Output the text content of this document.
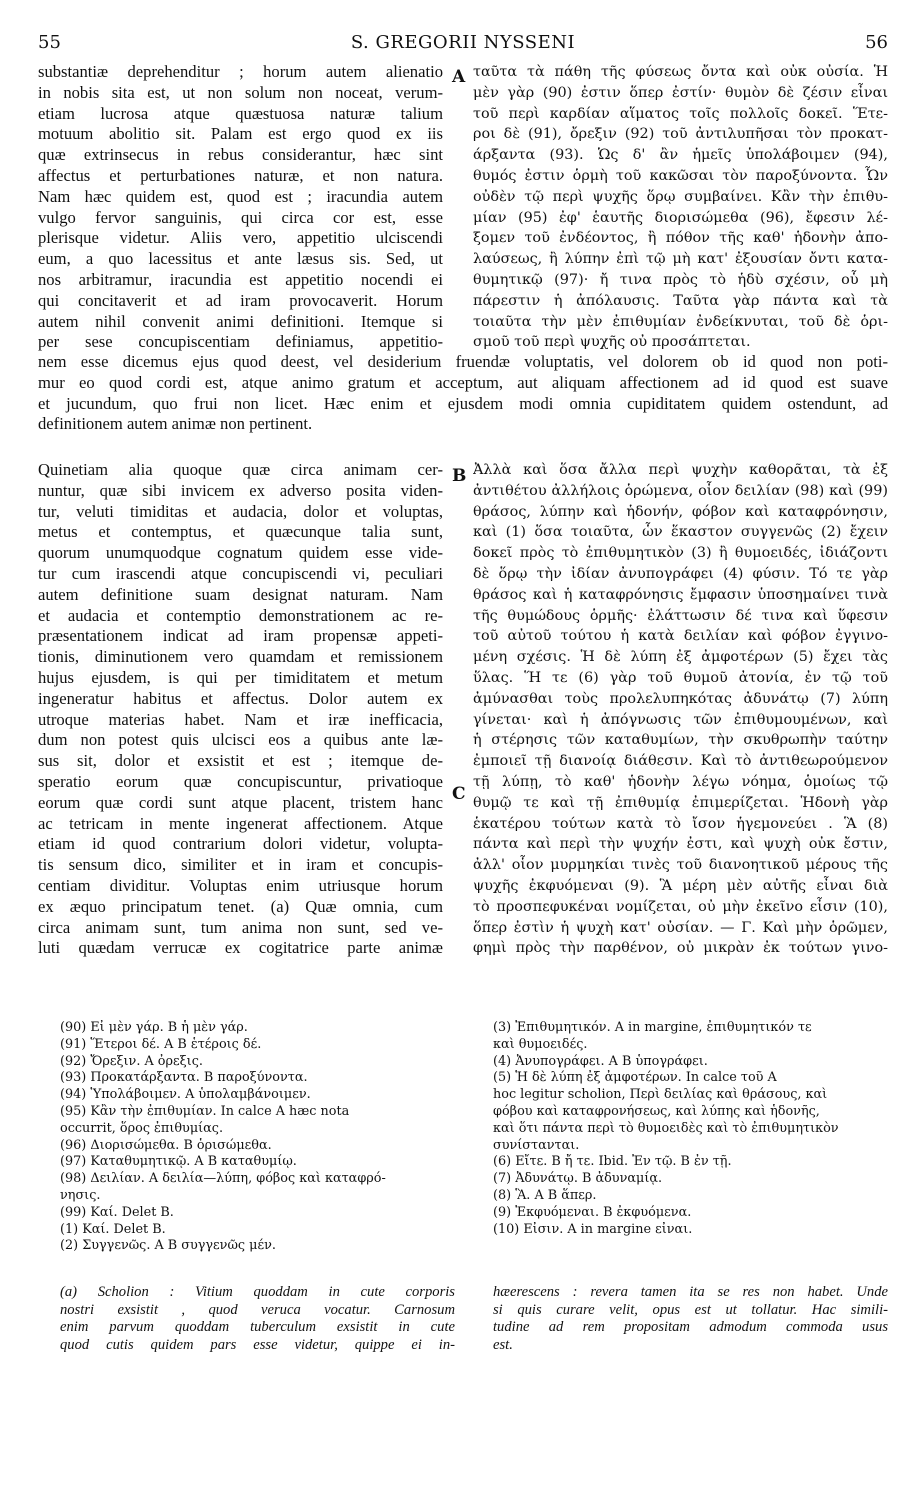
55	S. GREGORII NYSSENI	56
substantiæ deprehenditur ; horum autem alienatio
in nobis sita est, ut non solum non noceat, verum-
etiam lucrosa atque quæstuosa naturæ talium
motuum abolitio sit. Palam est ergo quod ex iis
quæ extrinsecus in rebus considerantur, hæc sint
affectus et perturbationes naturæ, et non natura.
Nam hæc quidem est, quod est ; iracundia autem
vulgo fervor sanguinis, qui circa cor est, esse
plerisque videtur. Aliis vero, appetitio ulciscendi
eum, a quo lacessitus et ante læsus sis. Sed, ut
nos arbitramur, iracundia est appetitio nocendi ei
qui concitaverit et ad iram provocaverit. Horum
autem nihil convenit animi definitioni. Itemque si
per sese concupiscentiam definiamus, appetitio-
A ταῦτα τὰ πάθη τῆς φύσεως ὄντα καὶ οὐκ οὐσία. Ἡ
μὲν γὰρ (90) ἐστιν ὅπερ ἐστίν· θυμὸν δὲ ζέσιν εἶναι
τοῦ περὶ καρδίαν αἵματος τοῖς πολλοῖς δοκεῖ. Ἕτε-
ροι δὲ (91), ὄρεξιν (92) τοῦ ἀντιλυπῆσαι τὸν προκατ-
άρξαντα (93). Ὡς δ' ἂν ἡμεῖς ὑπολάβοιμεν (94),
θυμός ἐστιν ὁρμὴ τοῦ κακῶσαι τὸν παροξύνοντα. Ὧν
οὐδὲν τῷ περὶ ψυχῆς ὅρῳ συμβαίνει. Κἂν τὴν ἐπιθυ-
μίαν (95) ἐφ' ἑαυτῆς διορισώμεθα (96), ἔφεσιν λέ-
ξομεν τοῦ ἐνδέοντος, ἢ πόθον τῆς καθ' ἡδονὴν ἀπο-
λαύσεως, ἢ λύπην ἐπὶ τῷ μὴ κατ' ἐξουσίαν ὄντι κατα-
θυμητικῷ (97)· ἤ τινα πρὸς τὸ ἡδὺ σχέσιν, οὗ μὴ
πάρεστιν ἡ ἀπόλαυσις. Ταῦτα γὰρ πάντα καὶ τὰ
τοιαῦτα τὴν μὲν ἐπιθυμίαν ἐνδείκνυται, τοῦ δὲ ὁρι-
σμοῦ τοῦ περὶ ψυχῆς οὐ προσάπτεται.
nem esse dicemus ejus quod deest, vel desiderium fruendæ voluptatis, vel dolorem ob id quod non poti-
mur eo quod cordi est, atque animo gratum et acceptum, aut aliquam affectionem ad id quod est suave
et jucundum, quo frui non licet. Hæc enim et ejusdem modi omnia cupiditatem quidem ostendunt, ad
definitionem autem animæ non pertinent.
Quinetiam alia quoque quæ circa animam cer-
nuntur, quæ sibi invicem ex adverso posita viden-
tur, veluti timiditas et audacia, dolor et voluptas,
metus et contemptus, et quæcunque talia sunt,
quorum unumquodque cognatum quidem esse vide-
tur cum irascendi atque concupiscendi vi, peculiari
autem definitione suam designat naturam. Nam
et audacia et contemptio demonstrationem ac re-
præsentationem indicat ad iram propensæ appeti-
tionis, diminutionem vero quamdam et remissionem
hujus ejusdem, is qui per timiditatem et metum
ingeneratur habitus et affectus. Dolor autem ex
utroque materias habet. Nam et iræ inefficacia,
dum non potest quis ulcisci eos a quibus ante læ-
sus sit, dolor et exsistit et est ; itemque de-
speratio eorum quæ concupiscuntur, privatioque
eorum quæ cordi sunt atque placent, tristem hanc
ac tetricam in mente ingenerat affectionem. Atque
etiam id quod contrarium dolori videtur, volupta-
tis sensum dico, similiter et in iram et concupis-
centiam dividitur. Voluptas enim utriusque horum
ex æquo principatum tenet. (a) Quæ omnia, cum
circa animam sunt, tum anima non sunt, sed ve-
luti quædam verrucæ ex cogitatrice parte animæ
B
C
Ἀλλὰ καὶ ὅσα ἄλλα περὶ ψυχὴν καθορᾶται, τὰ ἐξ
ἀντιθέτου ἀλλήλοις ὁρώμενα, οἷον δειλίαν (98) καὶ (99)
θράσος, λύπην καὶ ἡδονήν, φόβον καὶ καταφρόνησιν,
καὶ (1) ὅσα τοιαῦτα, ὧν ἕκαστον συγγενῶς (2) ἔχειν
δοκεῖ πρὸς τὸ ἐπιθυμητικὸν (3) ἢ θυμοειδές, ἰδιάζοντι
δὲ ὅρῳ τὴν ἰδίαν ἀνυπογράφει (4) φύσιν. Τό τε γὰρ
θράσος καὶ ἡ καταφρόνησις ἔμφασιν ὑποσημαίνει τινὰ
τῆς θυμώδους ὁρμῆς· ἐλάττωσιν δέ τινα καὶ ὕφεσιν
τοῦ αὐτοῦ τούτου ἡ κατὰ δειλίαν καὶ φόβον ἐγγινο-
μένη σχέσις. Ἡ δὲ λύπη ἐξ ἀμφοτέρων (5) ἔχει τὰς
ὕλας. Ἥ τε (6) γὰρ τοῦ θυμοῦ ἀτονία, ἐν τῷ τοῦ
ἀμύνασθαι τοὺς προλελυπηκότας ἀδυνάτῳ (7) λύπη
γίνεται· καὶ ἡ ἀπόγνωσις τῶν ἐπιθυμουμένων, καὶ
ἡ στέρησις τῶν καταθυμίων, τὴν σκυθρωπὴν ταύτην
ἐμποιεῖ τῇ διανοίᾳ διάθεσιν. Καὶ τὸ ἀντιθεωρούμενον
τῇ λύπῃ, τὸ καθ' ἡδονὴν λέγω νόημα, ὁμοίως τῷ
θυμῷ τε καὶ τῇ ἐπιθυμίᾳ ἐπιμερίζεται. Ἡδονὴ γὰρ
ἑκατέρου τούτων κατὰ τὸ ἴσον ἡγεμονεύει . Ἃ (8)
πάντα καὶ περὶ τὴν ψυχήν ἐστι, καὶ ψυχὴ οὐκ ἔστιν,
ἀλλ' οἷον μυρμηκίαι τινὲς τοῦ διανοητικοῦ μέρους τῆς
ψυχῆς ἐκφυόμεναι (9). Ἃ μέρη μὲν αὐτῆς εἶναι διὰ
τὸ προσπεφυκέναι νομίζεται, οὐ μὴν ἐκεῖνο εἶσιν (10),
ὅπερ ἐστὶν ἡ ψυχὴ κατ' οὐσίαν. — Γ. Καὶ μὴν ὁρῶμεν,
φημὶ πρὸς τὴν παρθένον, οὐ μικρὰν ἐκ τούτων γινο-
(90) Εἰ μὲν γάρ. B ἡ μὲν γάρ.
(91) Ἕτεροι δέ. A B ἑτέροις δέ.
(92) Ὄρεξιν. A ὀρεξις.
(93) Προκατάρξαντα. B παροξύνοντα.
(94) Ὑπολάβοιμεν. A ὑπολαμβάνοιμεν.
(95) Κἂν τὴν ἐπιθυμίαν. In calce A hæc nota
occurrit, ὅρος ἐπιθυμίας.
(96) Διορισώμεθα. B ὁρισώμεθα.
(97) Καταθυμητικῷ. A B καταθυμίῳ.
(98) Δειλίαν. A δειλία—λύπη, φόβος καὶ καταφρό-
νησις.
(99) Καί. Delet B.
(1) Καί. Delet B.
(2) Συγγενῶς. A B συγγενῶς μέν.
(3) Ἐπιθυμητικόν. A in margine, ἐπιθυμητικόν τε
καὶ θυμοειδές.
(4) Ἀνυπογράφει. A B ὑπογράφει.
(5) Ἡ δὲ λύπη ἐξ ἀμφοτέρων. In calce τοῦ A
hoc legitur scholion, Περὶ δειλίας καὶ θράσους, καὶ
φόβου καὶ καταφρονήσεως, καὶ λύπης καὶ ἡδονῆς,
καὶ ὅτι πάντα περὶ τὸ θυμοειδὲς καὶ τὸ ἐπιθυμητικὸν
συνίστανται.
(6) Εἴτε. B ἤ τε. Ibid. Ἐν τῷ. B ἐν τῇ.
(7) Ἀδυνάτῳ. B ἀδυναμίᾳ.
(8) Ἃ. A B ἅπερ.
(9) Ἐκφυόμεναι. B ἐκφυόμενα.
(10) Εἶσιν. A in margine εἶναι.
(a) Scholion : Vitium quoddam in cute corporis
nostri exsistit , quod veruca vocatur. Carnosum
enim parvum quoddam tuberculum exsistit in cute
quod cutis quidem pars esse videtur, quippe ei in-
hæerescens : revera tamen ita se res non habet. Unde
si quis curare velit, opus est ut tollatur. Hac simili-
tudine ad rem propositam admodum commoda usus
est.
